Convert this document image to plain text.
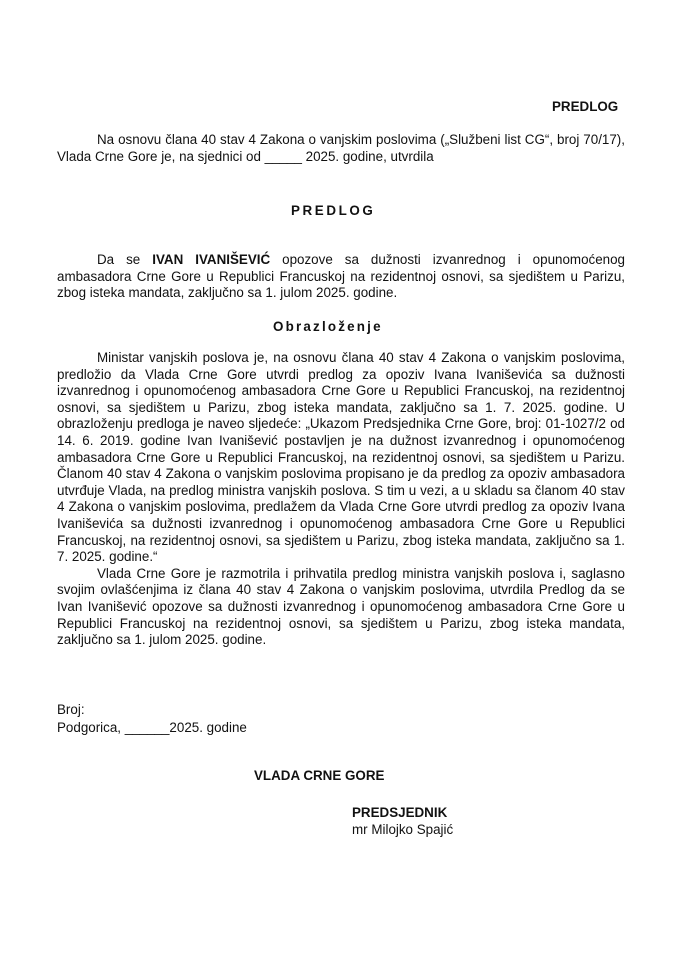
PREDLOG

Na osnovu člana 40 stav 4 Zakona o vanjskim poslovima („Službeni list CG“, broj 70/17), Vlada Crne Gore je, na sjednici od _____ 2025. godine, utvrdila

PREDLOG

Da se IVAN IVANIŠEVIĆ opozove sa dužnosti izvanrednog i opunomoćenog ambasadora Crne Gore u Republici Francuskoj na rezidentnoj osnovi, sa sjedištem u Parizu, zbog isteka mandata, zaključno sa 1. julom 2025. godine.

Obrazloženje

Ministar vanjskih poslova je, na osnovu člana 40 stav 4 Zakona o vanjskim poslovima, predložio da Vlada Crne Gore utvrdi predlog za opoziv Ivana Ivaniševića sa dužnosti izvanrednog i opunomoćenog ambasadora Crne Gore u Republici Francuskoj, na rezidentnoj osnovi, sa sjedištem u Parizu, zbog isteka mandata, zaključno sa 1. 7. 2025. godine. U obrazloženju predloga je naveo sljedeće: „Ukazom Predsjednika Crne Gore, broj: 01-1027/2 od 14. 6. 2019. godine Ivan Ivanišević postavljen je na dužnost izvanrednog i opunomoćenog ambasadora Crne Gore u Republici Francuskoj, na rezidentnoj osnovi, sa sjedištem u Parizu. Članom 40 stav 4 Zakona o vanjskim poslovima propisano je da predlog za opoziv ambasadora utvrđuje Vlada, na predlog ministra vanjskih poslova. S tim u vezi, a u skladu sa članom 40 stav 4 Zakona o vanjskim poslovima, predlažem da Vlada Crne Gore utvrdi predlog za opoziv Ivana Ivaniševića sa dužnosti izvanrednog i opunomoćenog ambasadora Crne Gore u Republici Francuskoj, na rezidentnoj osnovi, sa sjedištem u Parizu, zbog isteka mandata, zaključno sa 1. 7. 2025. godine.“

Vlada Crne Gore je razmotrila i prihvatila predlog ministra vanjskih poslova i, saglasno svojim ovlašćenjima iz člana 40 stav 4 Zakona o vanjskim poslovima, utvrdila Predlog da se Ivan Ivanišević opozove sa dužnosti izvanrednog i opunomoćenog ambasadora Crne Gore u Republici Francuskoj na rezidentnoj osnovi, sa sjedištem u Parizu, zbog isteka mandata, zaključno sa 1. julom 2025. godine.

Broj:
Podgorica, ______2025. godine
VLADA CRNE GORE
PREDSJEDNIK
mr Milojko Spajić
